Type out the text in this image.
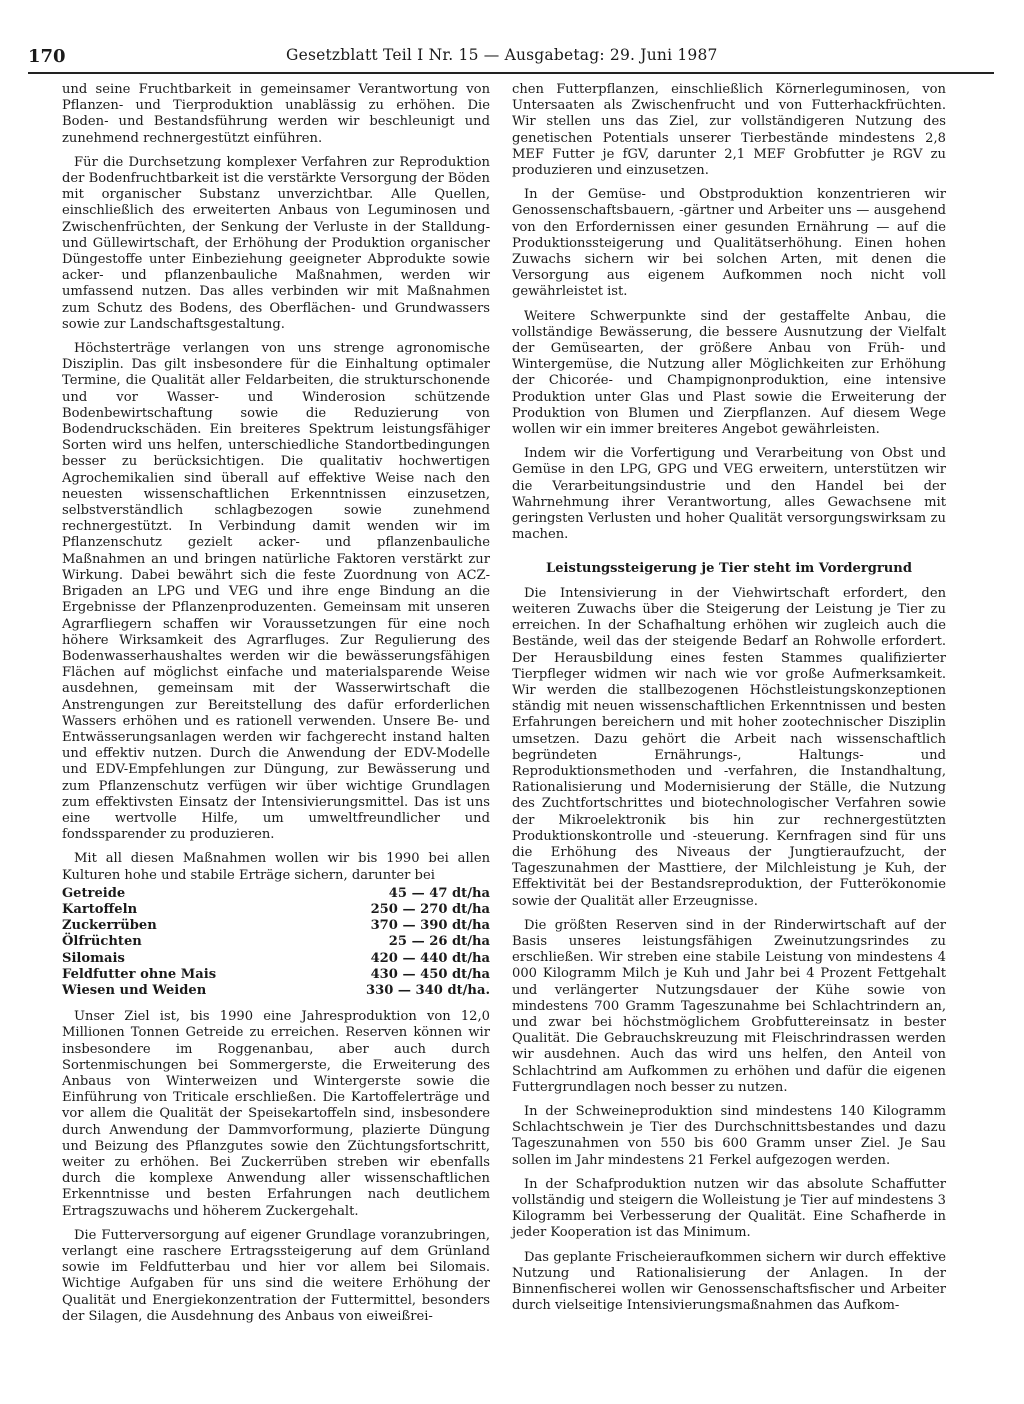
170	Gesetzblatt Teil I Nr. 15 — Ausgabetag: 29. Juni 1987

und seine Fruchtbarkeit in gemeinsamer Verantwortung von Pflanzen- und Tierproduktion unablässig zu erhöhen. Die Boden- und Bestandsführung werden wir beschleunigt und zunehmend rechnergestützt einführen.

Für die Durchsetzung komplexer Verfahren zur Reproduktion der Bodenfruchtbarkeit ist die verstärkte Versorgung der Böden mit organischer Substanz unverzichtbar. Alle Quellen, einschließlich des erweiterten Anbaus von Leguminosen und Zwischenfrüchten, der Senkung der Verluste in der Stalldung- und Güllewirtschaft, der Erhöhung der Produktion organischer Düngestoffe unter Einbeziehung geeigneter Abprodukte sowie acker- und pflanzenbauliche Maßnahmen, werden wir umfassend nutzen. Das alles verbinden wir mit Maßnahmen zum Schutz des Bodens, des Oberflächen- und Grundwassers sowie zur Landschaftsgestaltung.

Höchsterträge verlangen von uns strenge agronomische Disziplin. Das gilt insbesondere für die Einhaltung optimaler Termine, die Qualität aller Feldarbeiten, die strukturschonende und vor Wasser- und Winderosion schützende Bodenbewirtschaftung sowie die Reduzierung von Bodendruckschäden. Ein breiteres Spektrum leistungsfähiger Sorten wird uns helfen, unterschiedliche Standortbedingungen besser zu berücksichtigen. Die qualitativ hochwertigen Agrochemikalien sind überall auf effektive Weise nach den neuesten wissenschaftlichen Erkenntnissen einzusetzen, selbstverständlich schlagbezogen sowie zunehmend rechnergestützt. In Verbindung damit wenden wir im Pflanzenschutz gezielt acker- und pflanzenbauliche Maßnahmen an und bringen natürliche Faktoren verstärkt zur Wirkung. Dabei bewährt sich die feste Zuordnung von ACZ-Brigaden an LPG und VEG und ihre enge Bindung an die Ergebnisse der Pflanzenproduzenten. Gemeinsam mit unseren Agrarfliegern schaffen wir Voraussetzungen für eine noch höhere Wirksamkeit des Agrarfluges. Zur Regulierung des Bodenwasserhaushaltes werden wir die bewässerungsfähigen Flächen auf möglichst einfache und materialsparende Weise ausdehnen, gemeinsam mit der Wasserwirtschaft die Anstrengungen zur Bereitstellung des dafür erforderlichen Wassers erhöhen und es rationell verwenden. Unsere Be- und Entwässerungsanlagen werden wir fachgerecht instand halten und effektiv nutzen. Durch die Anwendung der EDV-Modelle und EDV-Empfehlungen zur Düngung, zur Bewässerung und zum Pflanzenschutz verfügen wir über wichtige Grundlagen zum effektivsten Einsatz der Intensivierungsmittel. Das ist uns eine wertvolle Hilfe, um umweltfreundlicher und fondssparender zu produzieren.

Mit all diesen Maßnahmen wollen wir bis 1990 bei allen Kulturen hohe und stabile Erträge sichern, darunter bei

Getreide	45 — 47 dt/ha
Kartoffeln	250 — 270 dt/ha
Zuckerrüben	370 — 390 dt/ha
Ölfrüchten	25 — 26 dt/ha
Silomais	420 — 440 dt/ha
Feldfutter ohne Mais	430 — 450 dt/ha
Wiesen und Weiden	330 — 340 dt/ha.

Unser Ziel ist, bis 1990 eine Jahresproduktion von 12,0 Millionen Tonnen Getreide zu erreichen. Reserven können wir insbesondere im Roggenanbau, aber auch durch Sortenmischungen bei Sommergerste, die Erweiterung des Anbaus von Winterweizen und Wintergerste sowie die Einführung von Triticale erschließen. Die Kartoffelerträge und vor allem die Qualität der Speisekartoffeln sind, insbesondere durch Anwendung der Dammvorformung, plazierte Düngung und Beizung des Pflanzgutes sowie den Züchtungsfortschritt, weiter zu erhöhen. Bei Zuckerrüben streben wir ebenfalls durch die komplexe Anwendung aller wissenschaftlichen Erkenntnisse und besten Erfahrungen nach deutlichem Ertragszuwachs und höherem Zuckergehalt.

Die Futterversorgung auf eigener Grundlage voranzubringen, verlangt eine raschere Ertragssteigerung auf dem Grünland sowie im Feldfutterbau und hier vor allem bei Silomais. Wichtige Aufgaben für uns sind die weitere Erhöhung der Qualität und Energiekonzentration der Futtermittel, besonders der Silagen, die Ausdehnung des Anbaus von eiweißrei-

chen Futterpflanzen, einschließlich Körnerleguminosen, von Untersaaten als Zwischenfrucht und von Futterhackfrüchten. Wir stellen uns das Ziel, zur vollständigeren Nutzung des genetischen Potentials unserer Tierbestände mindestens 2,8 MEF Futter je fGV, darunter 2,1 MEF Grobfutter je RGV zu produzieren und einzusetzen.

In der Gemüse- und Obstproduktion konzentrieren wir Genossenschaftsbauern, -gärtner und Arbeiter uns — ausgehend von den Erfordernissen einer gesunden Ernährung — auf die Produktionssteigerung und Qualitätserhöhung. Einen hohen Zuwachs sichern wir bei solchen Arten, mit denen die Versorgung aus eigenem Aufkommen noch nicht voll gewährleistet ist.

Weitere Schwerpunkte sind der gestaffelte Anbau, die vollständige Bewässerung, die bessere Ausnutzung der Vielfalt der Gemüsearten, der größere Anbau von Früh- und Wintergemüse, die Nutzung aller Möglichkeiten zur Erhöhung der Chicorée- und Champignonproduktion, eine intensive Produktion unter Glas und Plast sowie die Erweiterung der Produktion von Blumen und Zierpflanzen. Auf diesem Wege wollen wir ein immer breiteres Angebot gewährleisten.

Indem wir die Vorfertigung und Verarbeitung von Obst und Gemüse in den LPG, GPG und VEG erweitern, unterstützen wir die Verarbeitungsindustrie und den Handel bei der Wahrnehmung ihrer Verantwortung, alles Gewachsene mit geringsten Verlusten und hoher Qualität versorgungswirksam zu machen.

Leistungssteigerung je Tier steht im Vordergrund

Die Intensivierung in der Viehwirtschaft erfordert, den weiteren Zuwachs über die Steigerung der Leistung je Tier zu erreichen. In der Schafhaltung erhöhen wir zugleich auch die Bestände, weil das der steigende Bedarf an Rohwolle erfordert. Der Herausbildung eines festen Stammes qualifizierter Tierpfleger widmen wir nach wie vor große Aufmerksamkeit. Wir werden die stallbezogenen Höchstleistungskonzeptionen ständig mit neuen wissenschaftlichen Erkenntnissen und besten Erfahrungen bereichern und mit hoher zootechnischer Disziplin umsetzen. Dazu gehört die Arbeit nach wissenschaftlich begründeten Ernährungs-, Haltungs- und Reproduktionsmethoden und -verfahren, die Instandhaltung, Rationalisierung und Modernisierung der Ställe, die Nutzung des Zuchtfortschrittes und biotechnologischer Verfahren sowie der Mikroelektronik bis hin zur rechnergestützten Produktionskontrolle und -steuerung. Kernfragen sind für uns die Erhöhung des Niveaus der Jungtieraufzucht, der Tageszunahmen der Masttiere, der Milchleistung je Kuh, der Effektivität bei der Bestandsreproduktion, der Futterökonomie sowie der Qualität aller Erzeugnisse.

Die größten Reserven sind in der Rinderwirtschaft auf der Basis unseres leistungsfähigen Zweinutzungsrindes zu erschließen. Wir streben eine stabile Leistung von mindestens 4 000 Kilogramm Milch je Kuh und Jahr bei 4 Prozent Fettgehalt und verlängerter Nutzungsdauer der Kühe sowie von mindestens 700 Gramm Tageszunahme bei Schlachtrindern an, und zwar bei höchstmöglichem Grobfuttereinsatz in bester Qualität. Die Gebrauchskreuzung mit Fleischrindrassen werden wir ausdehnen. Auch das wird uns helfen, den Anteil von Schlachtrind am Aufkommen zu erhöhen und dafür die eigenen Futtergrundlagen noch besser zu nutzen.

In der Schweineproduktion sind mindestens 140 Kilogramm Schlachtschwein je Tier des Durchschnittsbestandes und dazu Tageszunahmen von 550 bis 600 Gramm unser Ziel. Je Sau sollen im Jahr mindestens 21 Ferkel aufgezogen werden.

In der Schafproduktion nutzen wir das absolute Schaffutter vollständig und steigern die Wolleistung je Tier auf mindestens 3 Kilogramm bei Verbesserung der Qualität. Eine Schafherde in jeder Kooperation ist das Minimum.

Das geplante Frischeieraufkommen sichern wir durch effektive Nutzung und Rationalisierung der Anlagen. In der Binnenfischerei wollen wir Genossenschaftsfischer und Arbeiter durch vielseitige Intensivierungsmaßnahmen das Aufkom-
